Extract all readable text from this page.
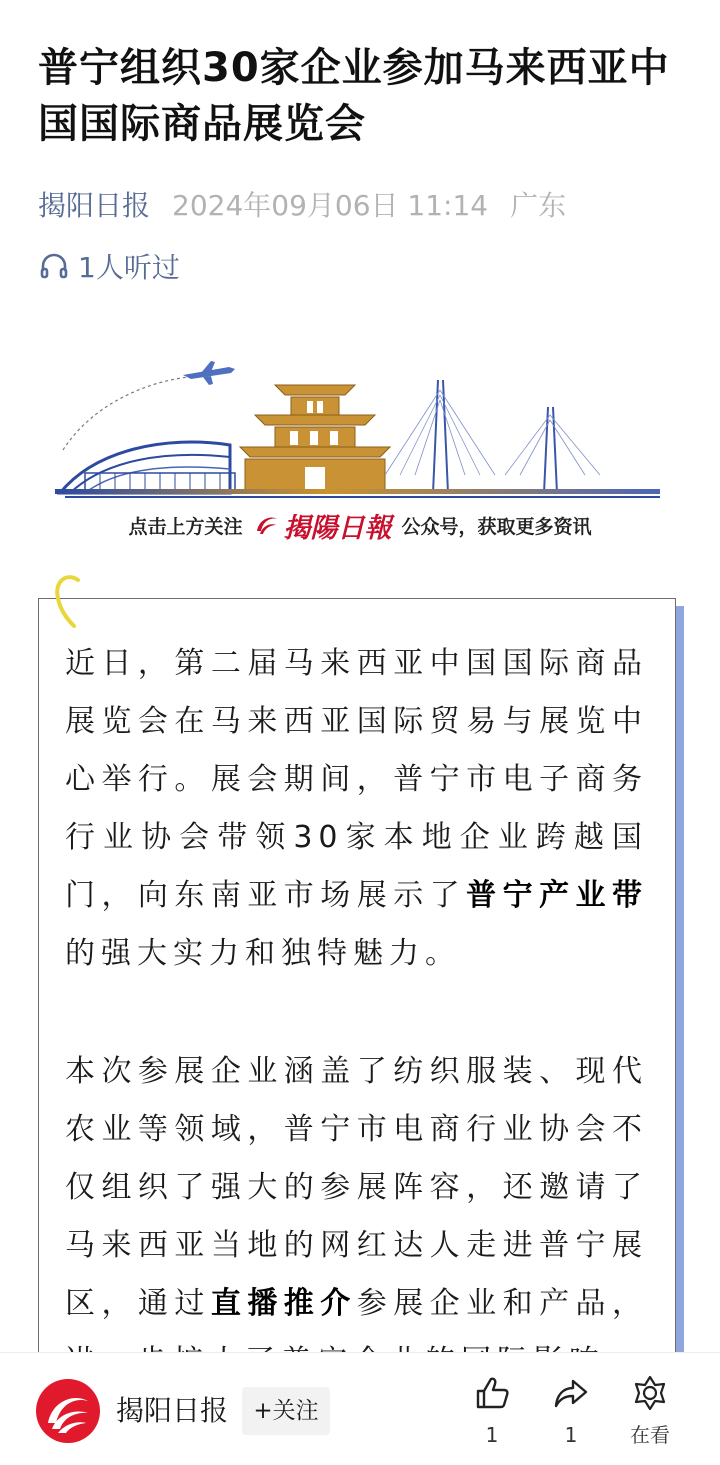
普宁组织30家企业参加马来西亚中国国际商品展览会
揭阳日报 2024年09月06日 11:14 广东
1人听过
点击上方关注 揭陽日報 公众号，获取更多资讯

近日，第二届马来西亚中国国际商品展览会在马来西亚国际贸易与展览中心举行。展会期间，普宁市电子商务行业协会带领30家本地企业跨越国门，向东南亚市场展示了普宁产业带的强大实力和独特魅力。

本次参展企业涵盖了纺织服装、现代农业等领域，普宁市电商行业协会不仅组织了强大的参展阵容，还邀请了马来西亚当地的网红达人走进普宁展区，通过直播推介参展企业和产品，

揭阳日报	+关注
1	1	在看
